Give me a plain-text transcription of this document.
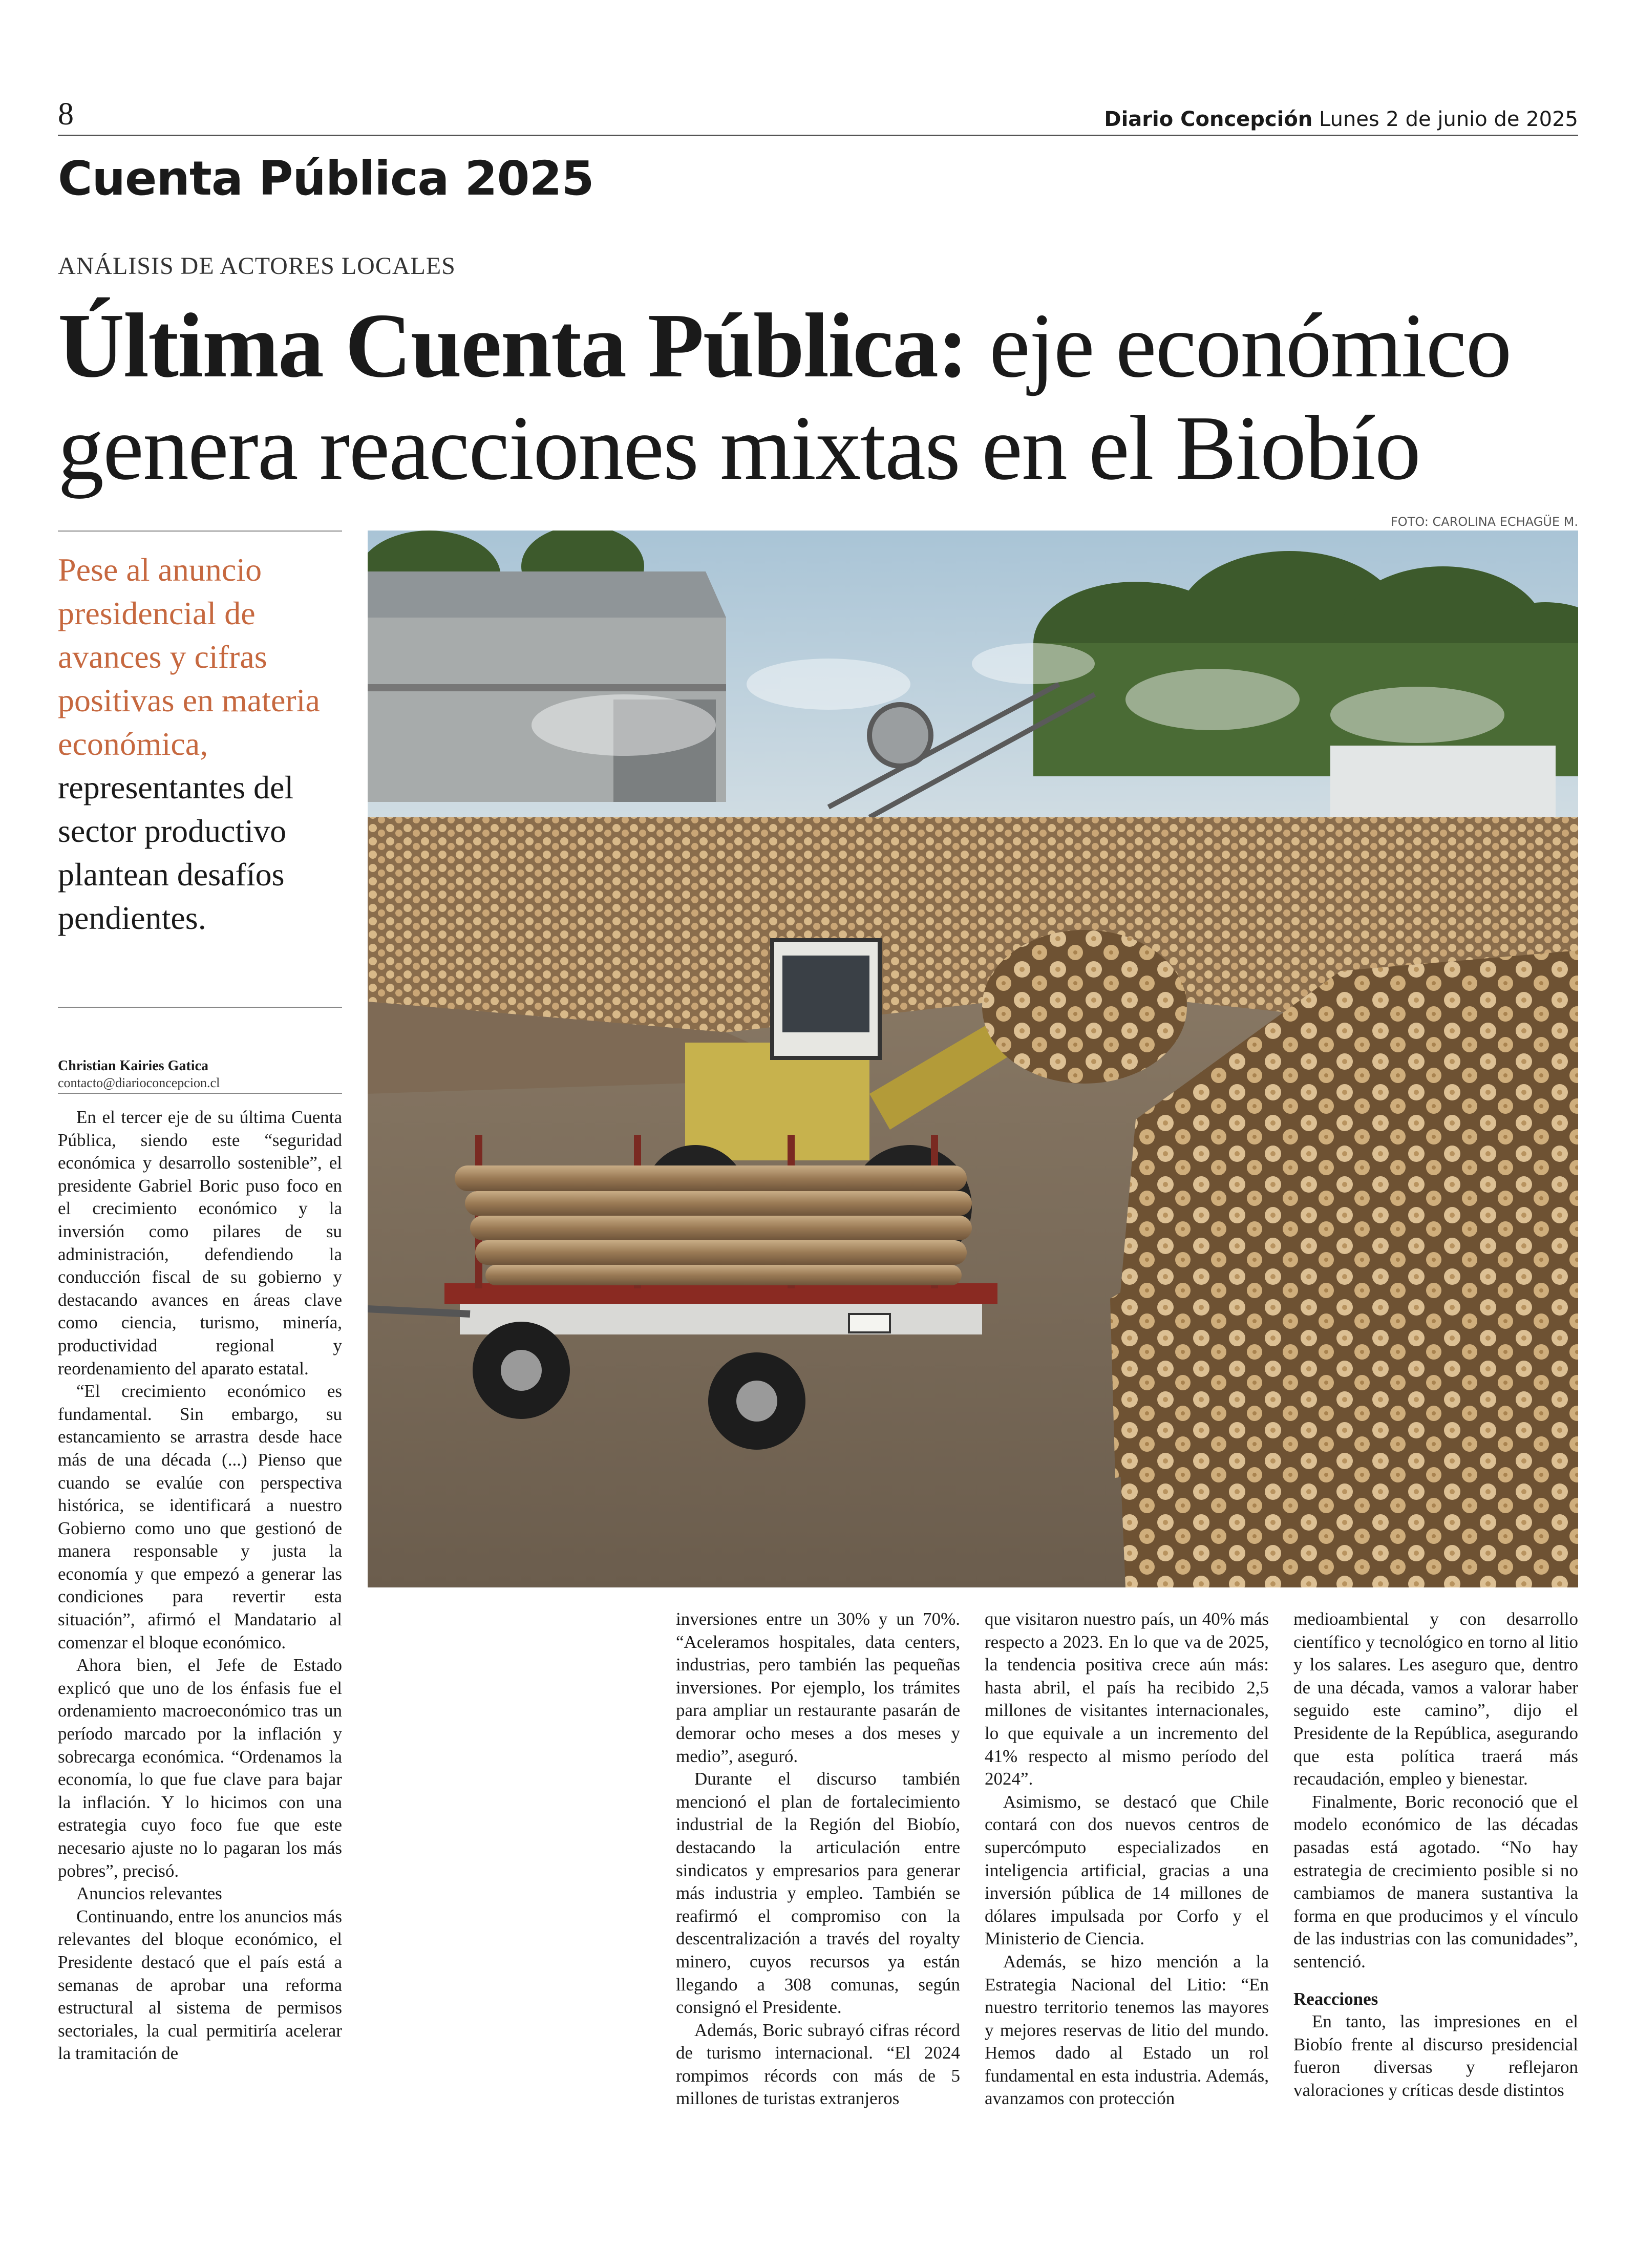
8	Diario Concepción Lunes 2 de junio de 2025
Cuenta Pública 2025
ANÁLISIS DE ACTORES LOCALES
Última Cuenta Pública: eje económico genera reacciones mixtas en el Biobío
FOTO: CAROLINA ECHAGÜE M.
Pese al anuncio presidencial de avances y cifras positivas en materia económica, representantes del sector productivo plantean desafíos pendientes.
Christian Kairies Gatica
contacto@diarioconcepcion.cl

En el tercer eje de su última Cuenta Pública, siendo este “seguridad económica y desarrollo sostenible”, el presidente Gabriel Boric puso foco en el crecimiento económico y la inversión como pilares de su administración, defendiendo la conducción fiscal de su gobierno y destacando avances en áreas clave como ciencia, turismo, minería, productividad regional y reordenamiento del aparato estatal.

“El crecimiento económico es fundamental. Sin embargo, su estancamiento se arrastra desde hace más de una década (...) Pienso que cuando se evalúe con perspectiva histórica, se identificará a nuestro Gobierno como uno que gestionó de manera responsable y justa la economía y que empezó a generar las condiciones para revertir esta situación”, afirmó el Mandatario al comenzar el bloque económico.

Ahora bien, el Jefe de Estado explicó que uno de los énfasis fue el ordenamiento macroeconómico tras un período marcado por la inflación y sobrecarga económica. “Ordenamos la economía, lo que fue clave para bajar la inflación. Y lo hicimos con una estrategia cuyo foco fue que este necesario ajuste no lo pagaran los más pobres”, precisó.

Anuncios relevantes

Continuando, entre los anuncios más relevantes del bloque económico, el Presidente destacó que el país está a semanas de aprobar una reforma estructural al sistema de permisos sectoriales, la cual permitiría acelerar la tramitación de

inversiones entre un 30% y un 70%. “Aceleramos hospitales, data centers, industrias, pero también las pequeñas inversiones. Por ejemplo, los trámites para ampliar un restaurante pasarán de demorar ocho meses a dos meses y medio”, aseguró.

Durante el discurso también mencionó el plan de fortalecimiento industrial de la Región del Biobío, destacando la articulación entre sindicatos y empresarios para generar más industria y empleo. También se reafirmó el compromiso con la descentralización a través del royalty minero, cuyos recursos ya están llegando a 308 comunas, según consignó el Presidente.

Además, Boric subrayó cifras récord de turismo internacional. “El 2024 rompimos récords con más de 5 millones de turistas extranjeros

que visitaron nuestro país, un 40% más respecto a 2023. En lo que va de 2025, la tendencia positiva crece aún más: hasta abril, el país ha recibido 2,5 millones de visitantes internacionales, lo que equivale a un incremento del 41% respecto al mismo período del 2024”.

Asimismo, se destacó que Chile contará con dos nuevos centros de supercómputo especializados en inteligencia artificial, gracias a una inversión pública de 14 millones de dólares impulsada por Corfo y el Ministerio de Ciencia.

Además, se hizo mención a la Estrategia Nacional del Litio: “En nuestro territorio tenemos las mayores y mejores reservas de litio del mundo. Hemos dado al Estado un rol fundamental en esta industria. Además, avanzamos con protección

medioambiental y con desarrollo científico y tecnológico en torno al litio y los salares. Les aseguro que, dentro de una década, vamos a valorar haber seguido este camino”, dijo el Presidente de la República, asegurando que esta política traerá más recaudación, empleo y bienestar.

Finalmente, Boric reconoció que el modelo económico de las décadas pasadas está agotado. “No hay estrategia de crecimiento posible si no cambiamos de manera sustantiva la forma en que producimos y el vínculo de las industrias con las comunidades”, sentenció.

Reacciones

En tanto, las impresiones en el Biobío frente al discurso presidencial fueron diversas y reflejaron valoraciones y críticas desde distintos
